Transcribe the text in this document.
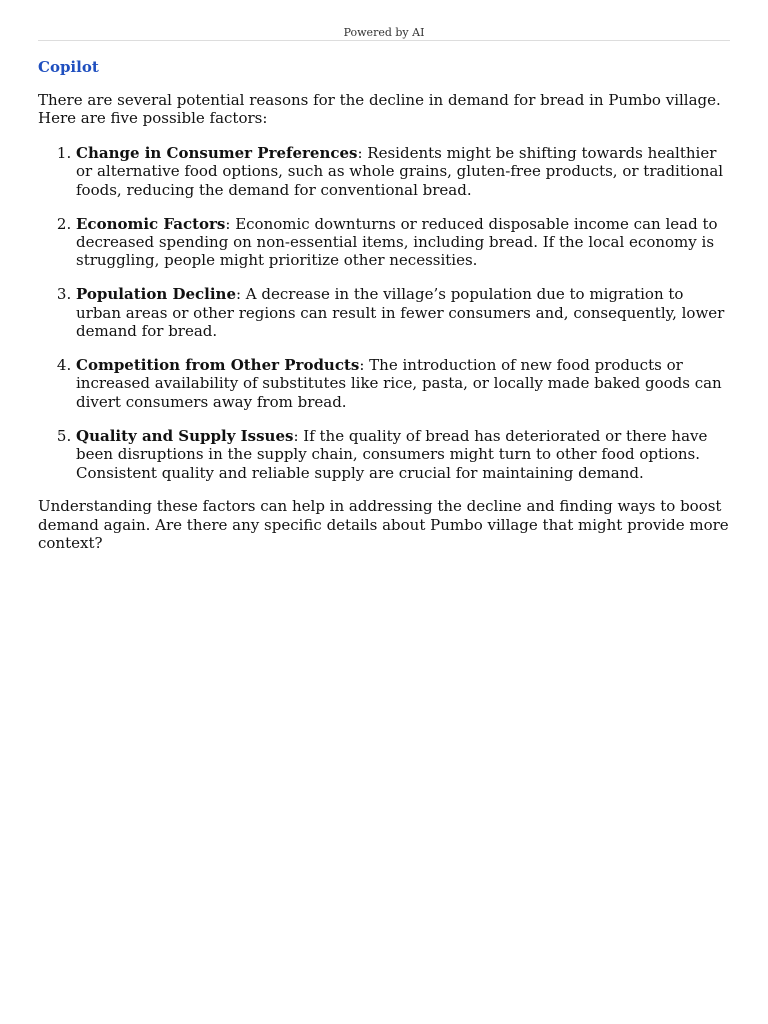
Powered by AI
Copilot

There are several potential reasons for the decline in demand for bread in Pumbo village. Here are five possible factors:

1. Change in Consumer Preferences: Residents might be shifting towards healthier or alternative food options, such as whole grains, gluten-free products, or traditional foods, reducing the demand for conventional bread.
2. Economic Factors: Economic downturns or reduced disposable income can lead to decreased spending on non-essential items, including bread. If the local economy is struggling, people might prioritize other necessities.
3. Population Decline: A decrease in the village’s population due to migration to urban areas or other regions can result in fewer consumers and, consequently, lower demand for bread.
4. Competition from Other Products: The introduction of new food products or increased availability of substitutes like rice, pasta, or locally made baked goods can divert consumers away from bread.
5. Quality and Supply Issues: If the quality of bread has deteriorated or there have been disruptions in the supply chain, consumers might turn to other food options. Consistent quality and reliable supply are crucial for maintaining demand.

Understanding these factors can help in addressing the decline and finding ways to boost demand again. Are there any specific details about Pumbo village that might provide more context?
